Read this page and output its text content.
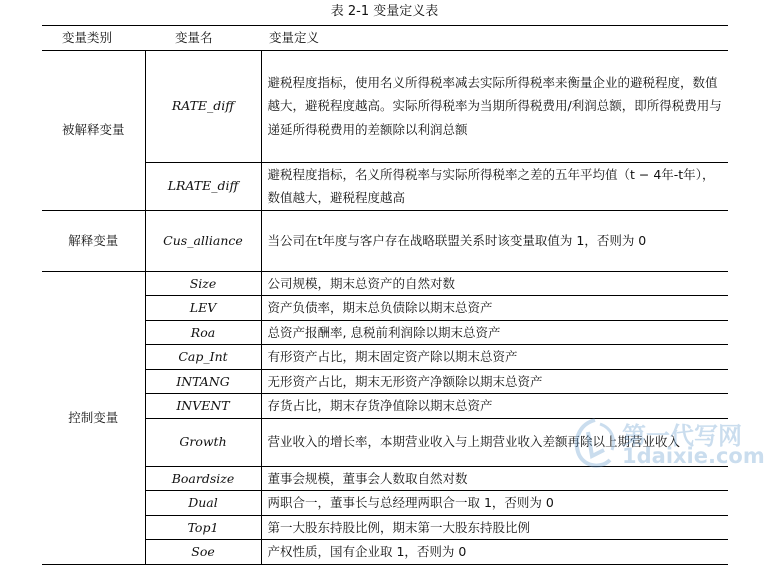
表 2-1 变量定义表
变量类别	变量名	变量定义
被解释变量	RATE_diff	避税程度指标，使用名义所得税率减去实际所得税率来衡量企业的避税程度，数值越大，避税程度越高。实际所得税率为当期所得税费用/利润总额，即所得税费用与递延所得税费用的差额除以利润总额
	LRATE_diff	避税程度指标，名义所得税率与实际所得税率之差的五年平均值（t − 4年-t年），数值越大，避税程度越高
解释变量	Cus_alliance	当公司在t年度与客户存在战略联盟关系时该变量取值为 1，否则为 0
控制变量	Size	公司规模，期末总资产的自然对数
	LEV	资产负债率，期末总负债除以期末总资产
	Roa	总资产报酬率, 息税前利润除以期末总资产
	Cap_Int	有形资产占比，期末固定资产除以期末总资产
	INTANG	无形资产占比，期末无形资产净额除以期末总资产
	INVENT	存货占比，期末存货净值除以期末总资产
	Growth	营业收入的增长率，本期营业收入与上期营业收入差额再除以上期营业收入
	Boardsize	董事会规模，董事会人数取自然对数
	Dual	两职合一，董事长与总经理两职合一取 1，否则为 0
	Top1	第一大股东持股比例，期末第一大股东持股比例
	Soe	产权性质，国有企业取 1，否则为 0
第一代写网
1daixie.com
